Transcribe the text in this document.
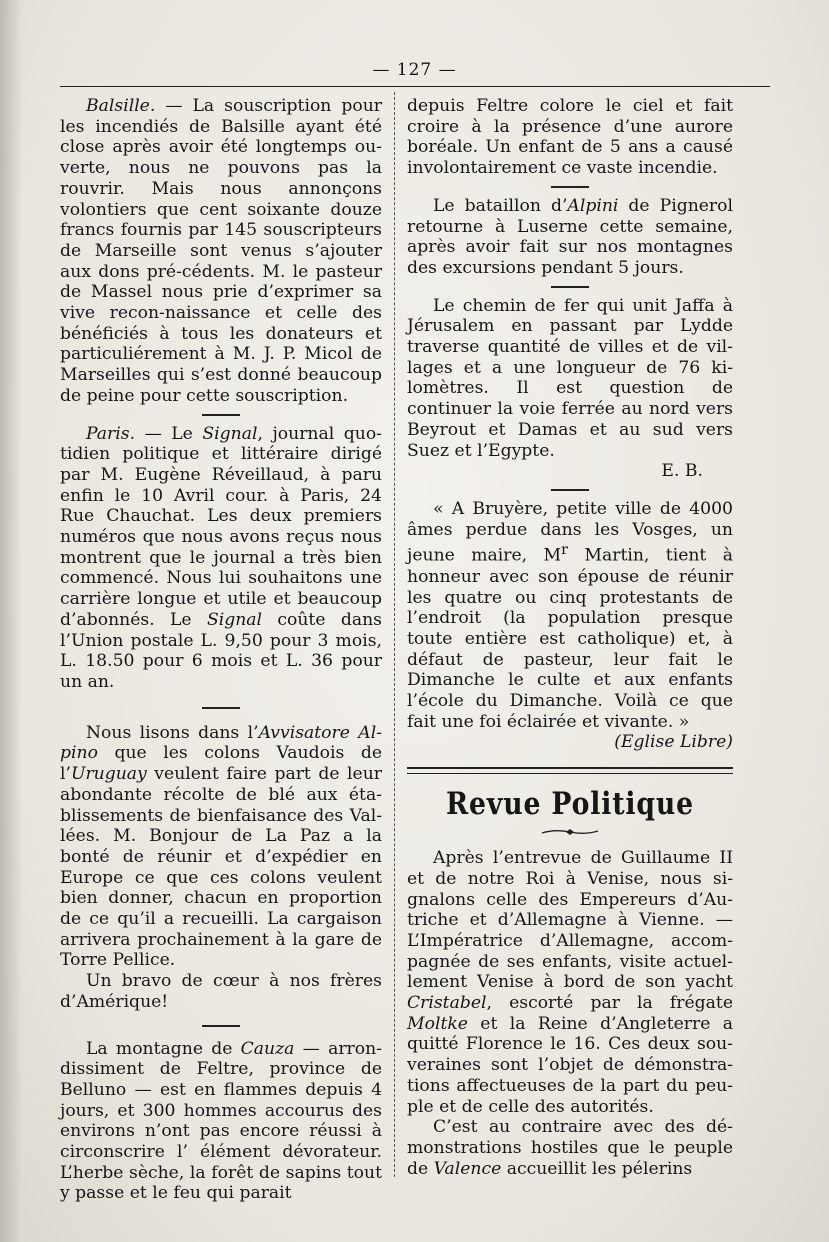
— 127 —

Balsille. — La souscription pour les incendiés de Balsille ayant été close après avoir été longtemps ou-​verte, nous ne pouvons pas la rouvrir. Mais nous annonçons volontiers que cent soixante douze francs fournis par 145 souscripteurs de Marseille sont venus s’ajouter aux dons pré-​cédents. M. le pasteur de Massel nous prie d’exprimer sa vive recon-​naissance et celle des bénéficiés à tous les donateurs et particuliérement à M. J. P. Micol de Marseilles qui s’est donné beaucoup de peine pour cette souscription.

Paris. — Le Signal, journal quo- tidien politique et littéraire dirigé par M. Eugène Réveillaud, à paru enfin le 10 Avril cour. à Paris, 24 Rue Chauchat. Les deux premiers numéros que nous avons reçus nous montrent que le journal a très bien commencé. Nous lui souhaitons une carrière longue et utile et beaucoup d’abonnés. Le Signal coûte dans l’Union postale L. 9,50 pour 3 mois, L. 18.50 pour 6 mois et L. 36 pour un an.

Nous lisons dans l’Avvisatore Al- pino que les colons Vaudois de l’Uruguay veulent faire part de leur abondante récolte de blé aux éta- blissements de bienfaisance des Val- lées. M. Bonjour de La Paz a la bonté de réunir et d’expédier en Europe ce que ces colons veulent bien donner, chacun en proportion de ce qu’il a recueilli. La cargaison arrivera prochainement à la gare de Torre Pellice.

Un bravo de cœur à nos frères d’Amérique!

La montagne de Cauza — arron- dissiment de Feltre, province de Belluno — est en flammes depuis 4 jours, et 300 hommes accourus des environs n’ont pas encore réussi à circonscrire l’ élément dévorateur. L’herbe sèche, la forêt de sapins tout y passe et le feu qui parait

depuis Feltre colore le ciel et fait croire à la présence d’une aurore boréale. Un enfant de 5 ans a causé involontairement ce vaste incendie.

Le bataillon d’Alpini de Pignerol retourne à Luserne cette semaine, après avoir fait sur nos montagnes des excursions pendant 5 jours.

Le chemin de fer qui unit Jaffa à Jérusalem en passant par Lydde traverse quantité de villes et de vil- lages et a une longueur de 76 ki- lomètres. Il est question de continuer la voie ferrée au nord vers Beyrout et Damas et au sud vers Suez et l’Egypte.

E. B.

« A Bruyère, petite ville de 4000 âmes perdue dans les Vosges, un jeune maire, $M^r$ Martin, tient à honneur avec son épouse de réunir les quatre ou cinq protestants de l’endroit (la population presque toute entière est catholique) et, à défaut de pasteur, leur fait le Dimanche le culte et aux enfants l’école du Dimanche. Voilà ce que fait une foi éclairée et vivante. »

(Eglise Libre)

Revue Politique

Après l’entrevue de Guillaume II et de notre Roi à Venise, nous si- gnalons celle des Empereurs d’Au- triche et d’Allemagne à Vienne. — L’Impératrice d’Allemagne, accom- pagnée de ses enfants, visite actuel- lement Venise à bord de son yacht Cristabel, escorté par la frégate Moltke et la Reine d’Angleterre a quitté Florence le 16. Ces deux sou- veraines sont l’objet de démonstra- tions affectueuses de la part du peu- ple et de celle des autorités.

C’est au contraire avec des dé- monstrations hostiles que le peuple de Valence accueillit les pélerins
